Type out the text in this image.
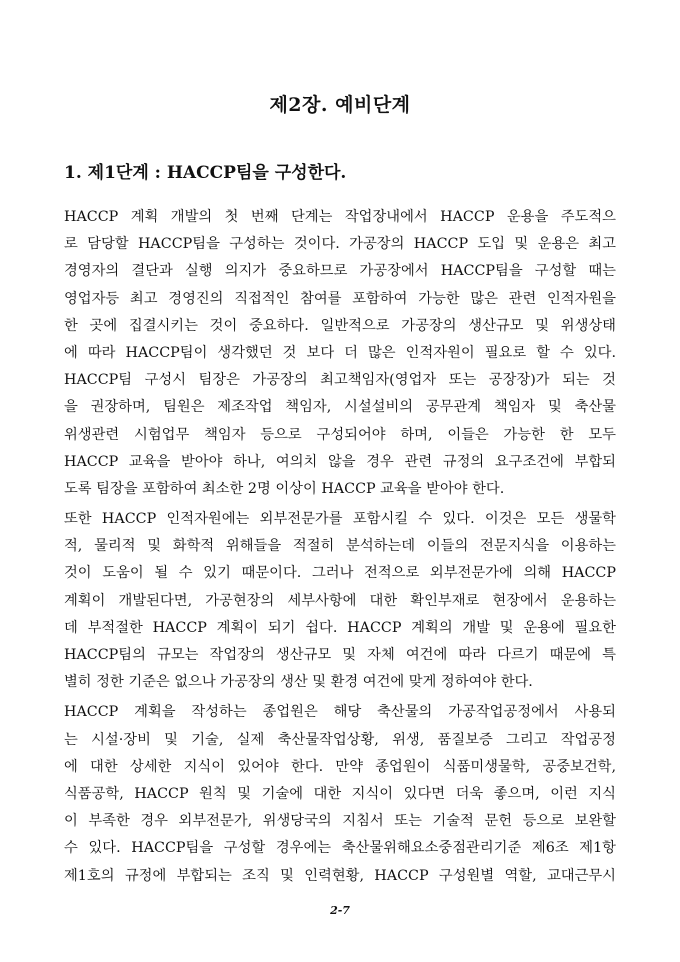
제2장. 예비단계
1. 제1단계 : HACCP팀을 구성한다.
HACCP 계획 개발의 첫 번째 단계는 작업장내에서 HACCP 운용을 주도적으
로 담당할 HACCP팀을 구성하는 것이다. 가공장의 HACCP 도입 및 운용은 최고
경영자의 결단과 실행 의지가 중요하므로 가공장에서 HACCP팀을 구성할 때는
영업자등 최고 경영진의 직접적인 참여를 포함하여 가능한 많은 관련 인적자원을
한 곳에 집결시키는 것이 중요하다. 일반적으로 가공장의 생산규모 및 위생상태
에 따라 HACCP팀이 생각했던 것 보다 더 많은 인적자원이 필요로 할 수 있다.
HACCP팀 구성시 팀장은 가공장의 최고책임자(영업자 또는 공장장)가 되는 것
을 권장하며, 팀원은 제조작업 책임자, 시설설비의 공무관계 책임자 및 축산물
위생관련 시험업무 책임자 등으로 구성되어야 하며, 이들은 가능한 한 모두
HACCP 교육을 받아야 하나, 여의치 않을 경우 관련 규정의 요구조건에 부합되
도록 팀장을 포함하여 최소한 2명 이상이 HACCP 교육을 받아야 한다.
또한 HACCP 인적자원에는 외부전문가를 포함시킬 수 있다. 이것은 모든 생물학
적, 물리적 및 화학적 위해들을 적절히 분석하는데 이들의 전문지식을 이용하는
것이 도움이 될 수 있기 때문이다. 그러나 전적으로 외부전문가에 의해 HACCP
계획이 개발된다면, 가공현장의 세부사항에 대한 확인부재로 현장에서 운용하는
데 부적절한 HACCP 계획이 되기 쉽다. HACCP 계획의 개발 및 운용에 필요한
HACCP팀의 규모는 작업장의 생산규모 및 자체 여건에 따라 다르기 때문에 특
별히 정한 기준은 없으나 가공장의 생산 및 환경 여건에 맞게 정하여야 한다.
HACCP 계획을 작성하는 종업원은 해당 축산물의 가공작업공정에서 사용되
는 시설·장비 및 기술, 실제 축산물작업상황, 위생, 품질보증 그리고 작업공정
에 대한 상세한 지식이 있어야 한다. 만약 종업원이 식품미생물학, 공중보건학,
식품공학, HACCP 원칙 및 기술에 대한 지식이 있다면 더욱 좋으며, 이런 지식
이 부족한 경우 외부전문가, 위생당국의 지침서 또는 기술적 문헌 등으로 보완할
수 있다. HACCP팀을 구성할 경우에는 축산물위해요소중점관리기준 제6조 제1항
제1호의 규정에 부합되는 조직 및 인력현황, HACCP 구성원별 역할, 교대근무시
2-7
